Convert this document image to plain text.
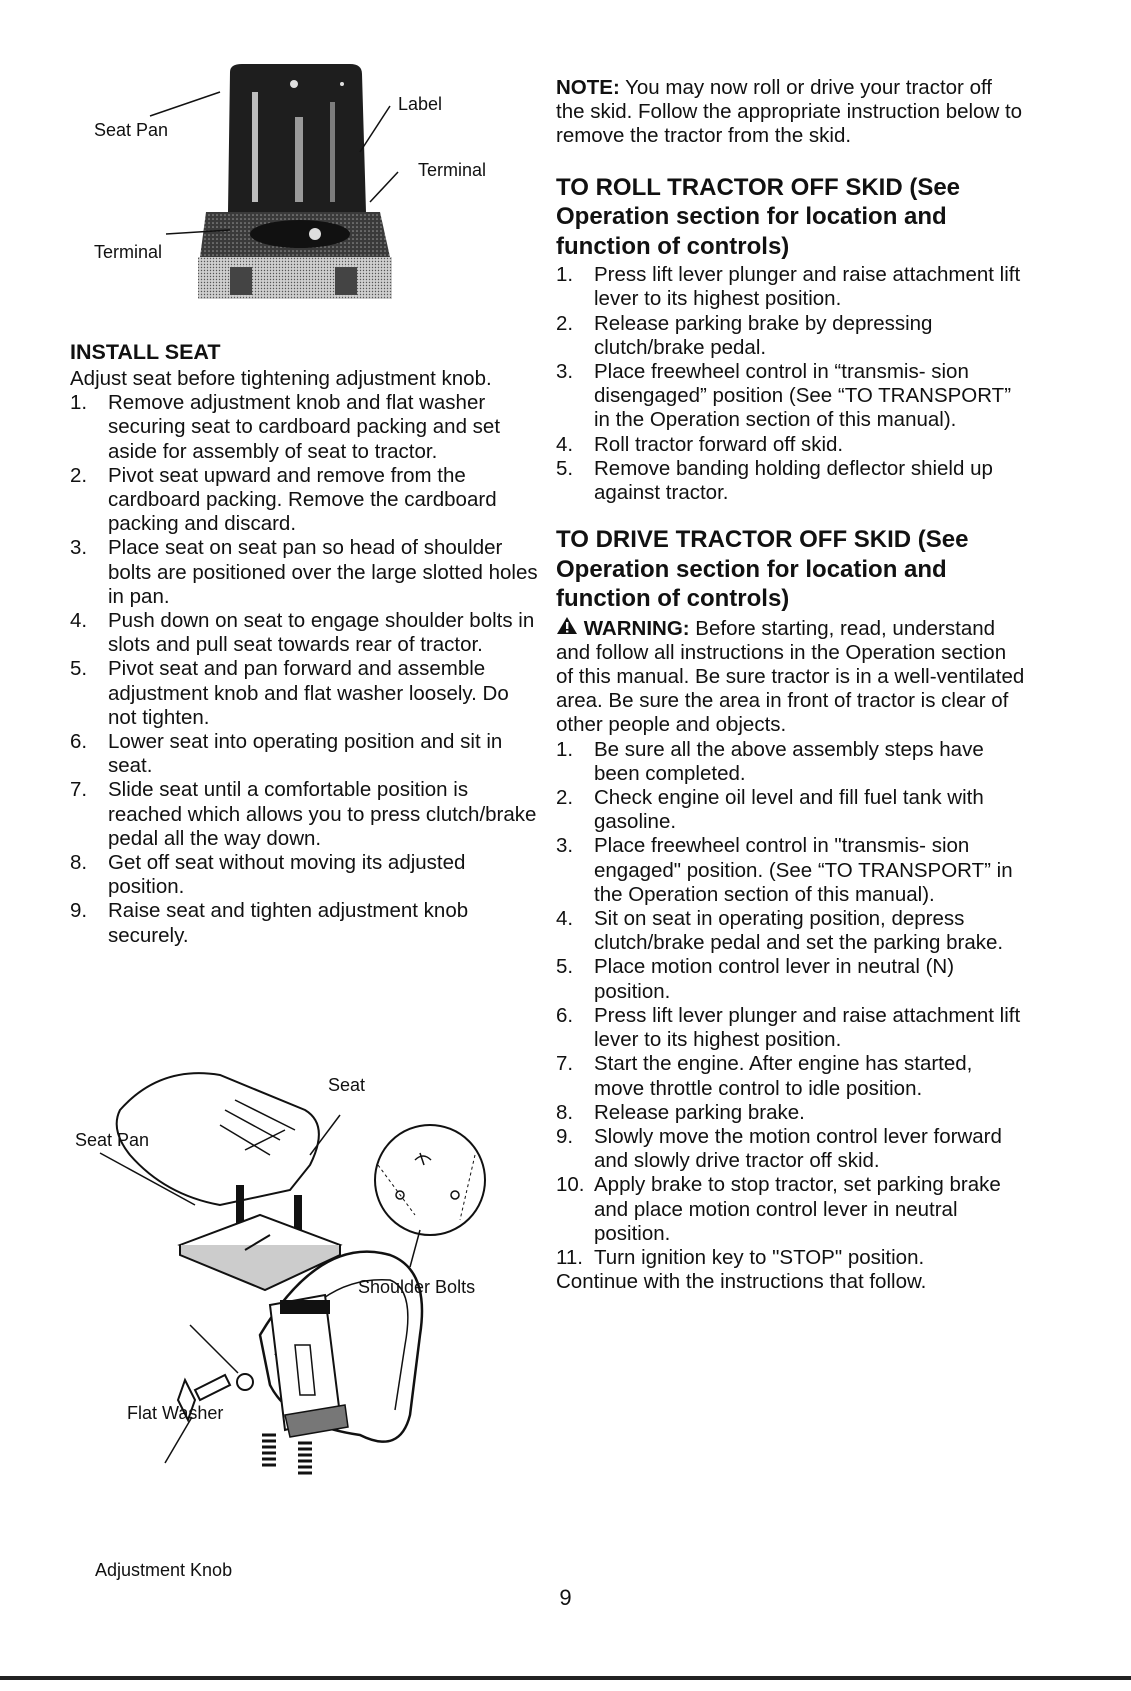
Seat Pan
Label
Terminal
Terminal

INSTALL SEAT

Adjust seat before tightening adjustment knob.

1. Remove adjustment knob and flat washer securing seat to cardboard packing and set aside for assembly of seat to tractor.
2. Pivot seat upward and remove from the cardboard packing. Remove the cardboard packing and discard.
3. Place seat on seat pan so head of shoulder bolts are positioned over the large slotted holes in pan.
4. Push down on seat to engage shoulder bolts in slots and pull seat towards rear of tractor.
5. Pivot seat and pan forward and assemble adjustment knob and flat washer loosely. Do not tighten.
6. Lower seat into operating position and sit in seat.
7. Slide seat until a comfortable position is reached which allows you to press clutch/brake pedal all the way down.
8. Get off seat without moving its adjusted position.
9. Raise seat and tighten adjustment knob securely.
Seat
Seat Pan
Shoulder Bolts
Flat Washer
Adjustment Knob

NOTE: You may now roll or drive your tractor off the skid. Follow the appropriate instruction below to remove the tractor from the skid.

TO ROLL TRACTOR OFF SKID (See Operation section for location and function of controls)

1. Press lift lever plunger and raise attachment lift lever to its highest position.
2. Release parking brake by depressing clutch/brake pedal.
3. Place freewheel control in “transmis- sion disengaged” position (See “TO TRANSPORT” in the Operation section of this manual).
4. Roll tractor forward off skid.
5. Remove banding holding deflector shield up against tractor.

TO DRIVE TRACTOR OFF SKID (See Operation section for location and function of controls)

WARNING: Before starting, read, understand and follow all instructions in the Operation section of this manual. Be sure tractor is in a well-ventilated area. Be sure the area in front of tractor is clear of other people and objects.

1. Be sure all the above assembly steps have been completed.
2. Check engine oil level and fill fuel tank with gasoline.
3. Place freewheel control in "transmis- sion engaged" position. (See “TO TRANSPORT” in the Operation section of this manual).
4. Sit on seat in operating position, depress clutch/brake pedal and set the parking brake.
5. Place motion control lever in neutral (N) position.
6. Press lift lever plunger and raise attachment lift lever to its highest position.
7. Start the engine. After engine has started, move throttle control to idle position.
8. Release parking brake.
9. Slowly move the motion control lever forward and slowly drive tractor off skid.
10. Apply brake to stop tractor, set parking brake and place motion control lever in neutral position.
11. Turn ignition key to "STOP" position.

Continue with the instructions that follow.

9
